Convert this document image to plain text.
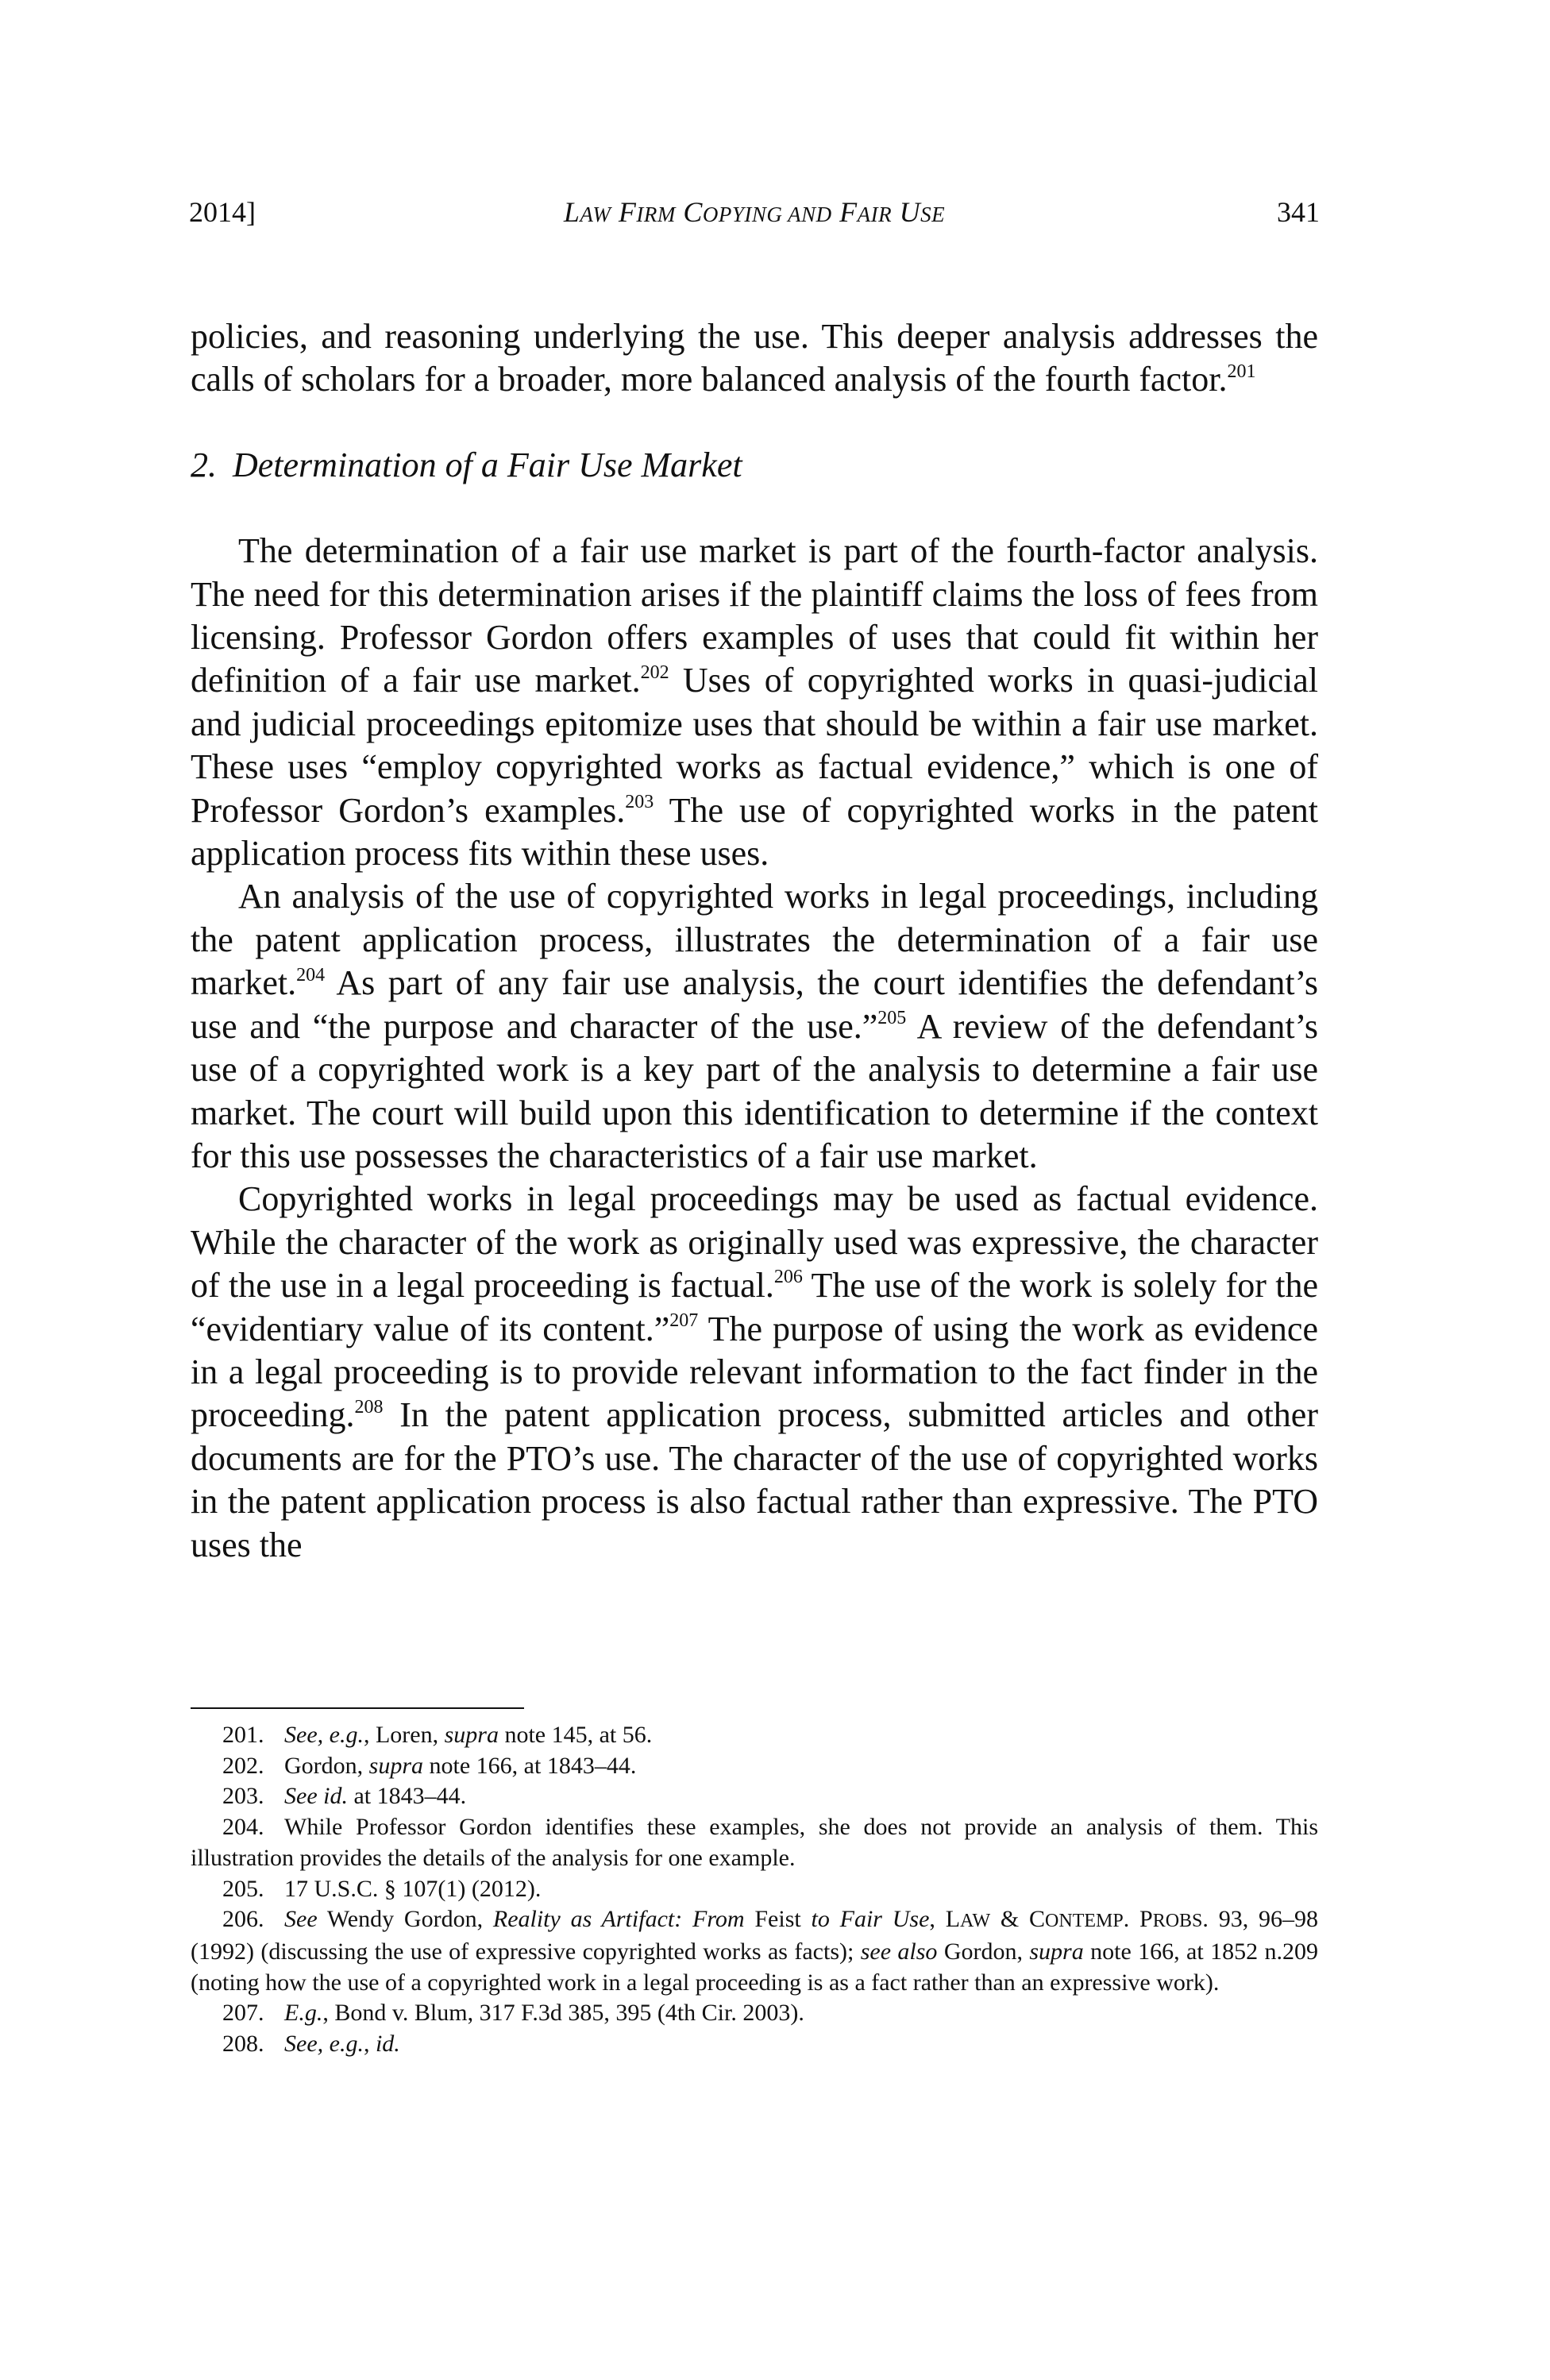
2014]	LAW FIRM COPYING AND FAIR USE	341

policies, and reasoning underlying the use. This deeper analysis addresses the calls of scholars for a broader, more balanced analysis of the fourth factor.$^{201}$

2. Determination of a Fair Use Market

The determination of a fair use market is part of the fourth-factor analysis. The need for this determination arises if the plaintiff claims the loss of fees from licensing. Professor Gordon offers examples of uses that could fit within her definition of a fair use market.$^{202}$ Uses of copyrighted works in quasi-judicial and judicial proceedings epitomize uses that should be within a fair use market. These uses “employ copyrighted works as factual evidence,” which is one of Professor Gordon’s examples.$^{203}$ The use of copyrighted works in the patent application process fits within these uses.

An analysis of the use of copyrighted works in legal proceedings, including the patent application process, illustrates the determination of a fair use market.$^{204}$ As part of any fair use analysis, the court identifies the defendant’s use and “the purpose and character of the use.”$^{205}$ A review of the defendant’s use of a copyrighted work is a key part of the analysis to determine a fair use market. The court will build upon this identification to determine if the context for this use possesses the characteristics of a fair use market.

Copyrighted works in legal proceedings may be used as factual evidence. While the character of the work as originally used was expressive, the character of the use in a legal proceeding is factual.$^{206}$ The use of the work is solely for the “evidentiary value of its content.”$^{207}$ The purpose of using the work as evidence in a legal proceeding is to provide relevant information to the fact finder in the proceeding.$^{208}$ In the patent application process, submitted articles and other documents are for the PTO’s use. The character of the use of copyrighted works in the patent application process is also factual rather than expressive. The PTO uses the

201. See, e.g., Loren, supra note 145, at 56.

202. Gordon, supra note 166, at 1843–44.

203. See id. at 1843–44.

204. While Professor Gordon identifies these examples, she does not provide an analysis of them. This illustration provides the details of the analysis for one example.

205. 17 U.S.C. § 107(1) (2012).

206. See Wendy Gordon, Reality as Artifact: From Feist to Fair Use, LAW & CONTEMP. PROBS. 93, 96–98 (1992) (discussing the use of expressive copyrighted works as facts); see also Gordon, supra note 166, at 1852 n.209 (noting how the use of a copyrighted work in a legal proceeding is as a fact rather than an expressive work).

207. E.g., Bond v. Blum, 317 F.3d 385, 395 (4th Cir. 2003).

208. See, e.g., id.
